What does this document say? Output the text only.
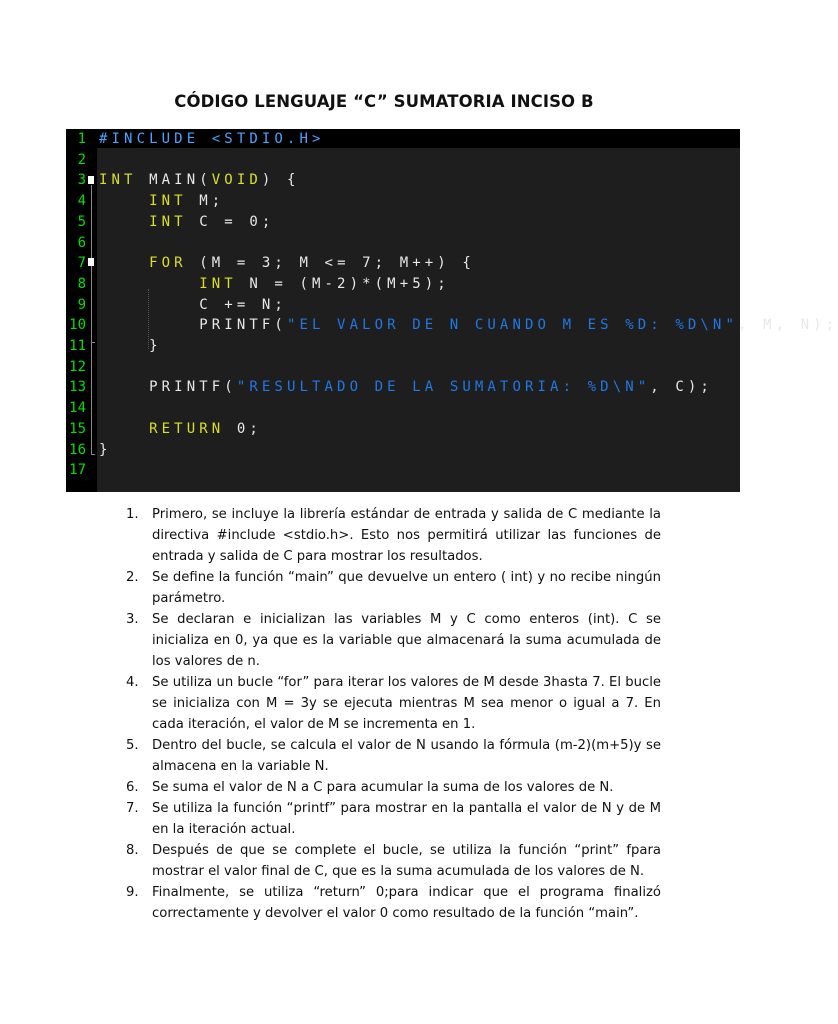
CÓDIGO LENGUAJE “C” SUMATORIA INCISO B
1 #INCLUDE <STDIO.H>
2
3 INT MAIN(VOID) {
4	INT M;
5	INT C = 0;
6
7	FOR (M = 3; M <= 7; M++) {
8	INT N = (M-2)*(M+5);
9 C += N;
10 PRINTF("EL VALOR DE N CUANDO M ES %D: %D\N", M, N);
11 }
12
13 PRINTF("RESULTADO DE LA SUMATORIA: %D\N", C);
14
15	RETURN 0;
16 }
17
1. Primero, se incluye la librería estándar de entrada y salida de C mediante la directiva #include <stdio.h>. Esto nos permitirá utilizar las funciones de entrada y salida de C para mostrar los resultados.
2. Se define la función “main” que devuelve un entero ( int) y no recibe ningún parámetro.
3. Se declaran e inicializan las variables M y C como enteros (int). C se inicializa en 0, ya que es la variable que almacenará la suma acumulada de los valores de n.
4. Se utiliza un bucle “for” para iterar los valores de M desde 3hasta 7. El bucle se inicializa con M = 3y se ejecuta mientras M sea menor o igual a 7. En cada iteración, el valor de M se incrementa en 1.
5. Dentro del bucle, se calcula el valor de N usando la fórmula (m-2)(m+5)y se almacena en la variable N.
6. Se suma el valor de N a C para acumular la suma de los valores de N.
7. Se utiliza la función “printf” para mostrar en la pantalla el valor de N y de M en la iteración actual.
8. Después de que se complete el bucle, se utiliza la función “print” fpara mostrar el valor final de C, que es la suma acumulada de los valores de N.
9. Finalmente, se utiliza “return” 0;para indicar que el programa finalizó correctamente y devolver el valor 0 como resultado de la función “main”.
